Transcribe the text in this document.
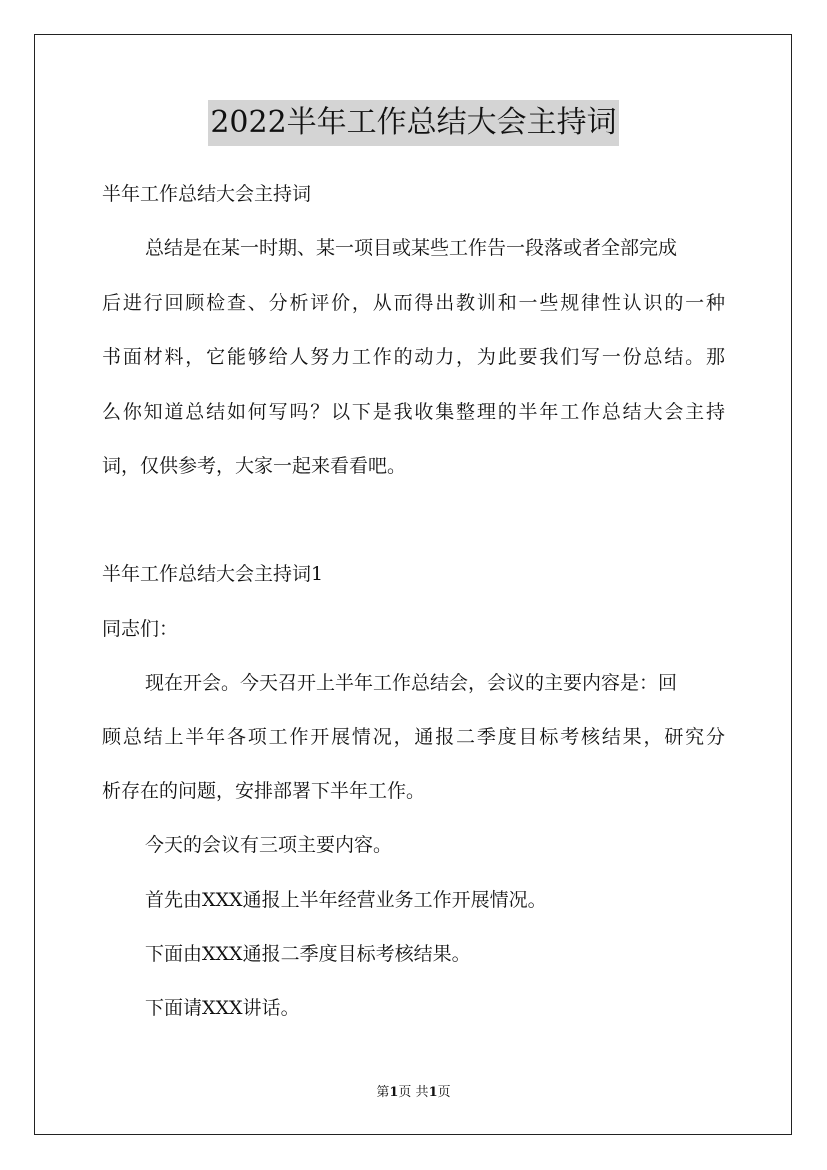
2022半年工作总结大会主持词
半年工作总结大会主持词
总结是在某一时期、某一项目或某些工作告一段落或者全部完成
后进行回顾检查、分析评价，从而得出教训和一些规律性认识的一种
书面材料，它能够给人努力工作的动力，为此要我们写一份总结。那
么你知道总结如何写吗？以下是我收集整理的半年工作总结大会主持
词，仅供参考，大家一起来看看吧。
半年工作总结大会主持词1
同志们：
现在开会。今天召开上半年工作总结会，会议的主要内容是：回
顾总结上半年各项工作开展情况，通报二季度目标考核结果，研究分
析存在的问题，安排部署下半年工作。
今天的会议有三项主要内容。
首先由XXX通报上半年经营业务工作开展情况。
下面由XXX通报二季度目标考核结果。
下面请XXX讲话。
第1页 共1页
